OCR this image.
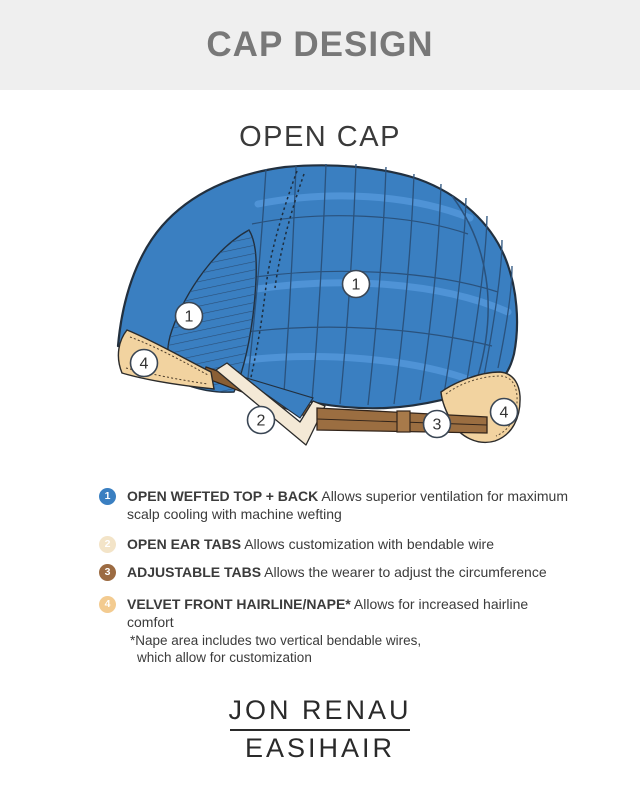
CAP DESIGN
OPEN CAP
1
1
2	3
4
4
1	OPEN WEFTED TOP + BACK Allows superior ventilation for maximum scalp cooling with machine wefting
2	OPEN EAR TABS Allows customization with bendable wire
3	ADJUSTABLE TABS Allows the wearer to adjust the circumference
4	VELVET FRONT HAIRLINE/NAPE* Allows for increased hairline comfort
*Nape area includes two vertical bendable wires,
which allow for customization
JON RENAU
EASIHAIR
